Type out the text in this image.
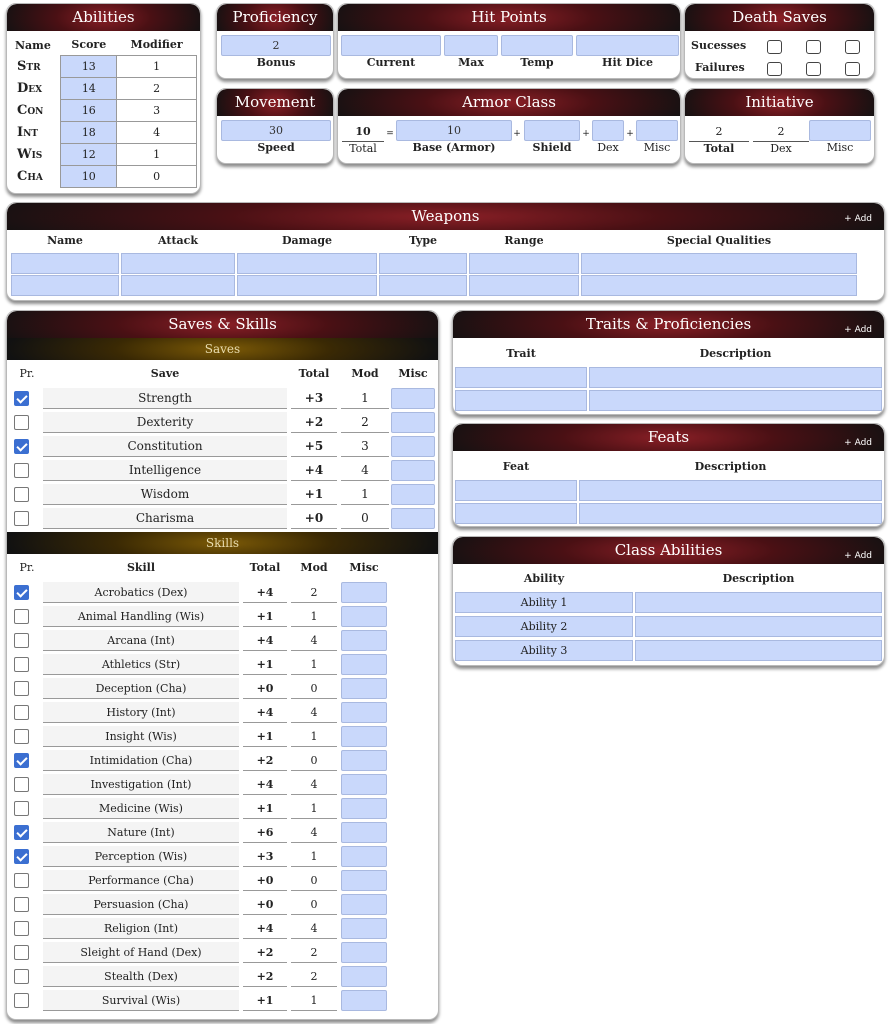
Abilities
Name	Score	Modifier
Str	13	1
Dex	14	2
Con	16	3
Int	18	4
Wis	12	1
Cha	10	0
Proficiency
2
Bonus
Hit Points
Current	Max	Temp	Hit Dice
Death Saves
Sucesses
Failures
Movement
30
Speed
Armor Class
10
Total
=	10
Base (Armor)
+
Shield
+
Dex
+
Misc
Initiative
2
Total
2
Dex	Misc
Weapons	+ Add
Name	Attack	Damage	Type	Range	Special Qualities
Saves & Skills
Saves
Pr.	Save	Total	Mod	Misc
Strength	+3	1
Dexterity	+2	2
Constitution	+5	3
Intelligence	+4	4
Wisdom	+1	1
Charisma	+0	0
Skills
Pr.	Skill	Total	Mod	Misc
Acrobatics (Dex)	+4	2
Animal Handling (Wis)	+1	1
Arcana (Int)	+4	4
Athletics (Str)	+1	1
Deception (Cha)	+0	0
History (Int)	+4	4
Insight (Wis)	+1	1
Intimidation (Cha)	+2	0
Investigation (Int)	+4	4
Medicine (Wis)	+1	1
Nature (Int)	+6	4
Perception (Wis)	+3	1
Performance (Cha)	+0	0
Persuasion (Cha)	+0	0
Religion (Int)	+4	4
Sleight of Hand (Dex)	+2	2
Stealth (Dex)	+2	2
Survival (Wis)	+1	1
Traits & Proficiencies	+ Add
Trait	Description
Feats	+ Add
Feat	Description
Class Abilities	+ Add
Ability	Description
Ability 1
Ability 2
Ability 3
